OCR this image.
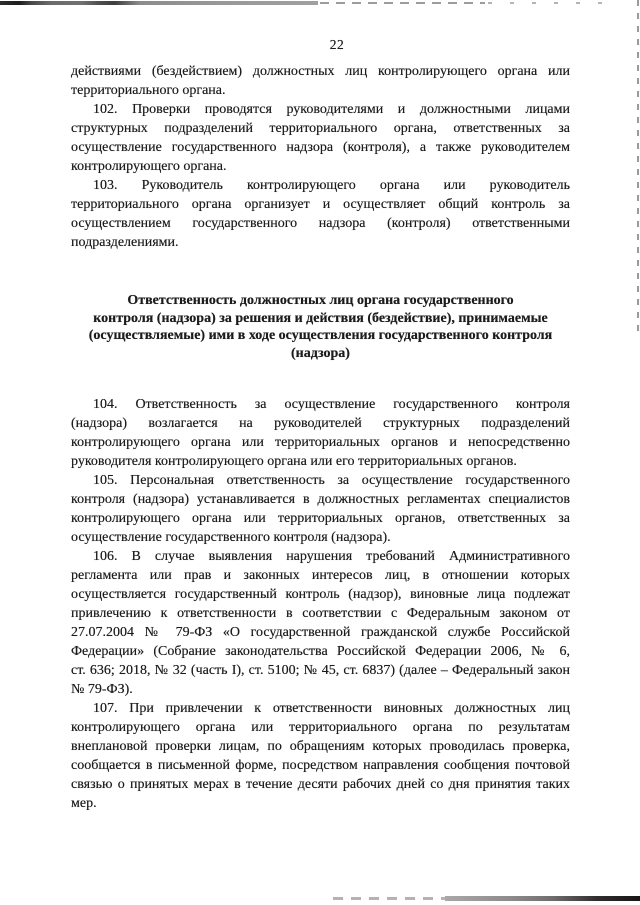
22
действиями (бездействием) должностных лиц контролирующего органа или
территориального органа.
102. Проверки проводятся руководителями и должностными лицами
структурных подразделений территориального органа, ответственных за
осуществление государственного надзора (контроля), а также руководителем
контролирующего органа.
103. Руководитель контролирующего органа или руководитель
территориального органа организует и осуществляет общий контроль за
осуществлением государственного надзора (контроля) ответственными
подразделениями.
Ответственность должностных лиц органа государственного
контроля (надзора) за решения и действия (бездействие), принимаемые
(осуществляемые) ими в ходе осуществления государственного контроля
(надзора)
104. Ответственность за осуществление государственного контроля
(надзора) возлагается на руководителей структурных подразделений
контролирующего органа или территориальных органов и непосредственно
руководителя контролирующего органа или его территориальных органов.
105. Персональная ответственность за осуществление государственного
контроля (надзора) устанавливается в должностных регламентах специалистов
контролирующего органа или территориальных органов, ответственных за
осуществление государственного контроля (надзора).
106. В случае выявления нарушения требований Административного
регламента или прав и законных интересов лиц, в отношении которых
осуществляется государственный контроль (надзор), виновные лица подлежат
привлечению к ответственности в соответствии с Федеральным законом от
27.07.2004 № 79-ФЗ «О государственной гражданской службе Российской
Федерации» (Собрание законодательства Российской Федерации 2006, № 6,
ст. 636; 2018, № 32 (часть I), ст. 5100; № 45, ст. 6837) (далее – Федеральный закон
№ 79-ФЗ).
107. При привлечении к ответственности виновных должностных лиц
контролирующего органа или территориального органа по результатам
внеплановой проверки лицам, по обращениям которых проводилась проверка,
сообщается в письменной форме, посредством направления сообщения почтовой
связью о принятых мерах в течение десяти рабочих дней со дня принятия таких
мер.
